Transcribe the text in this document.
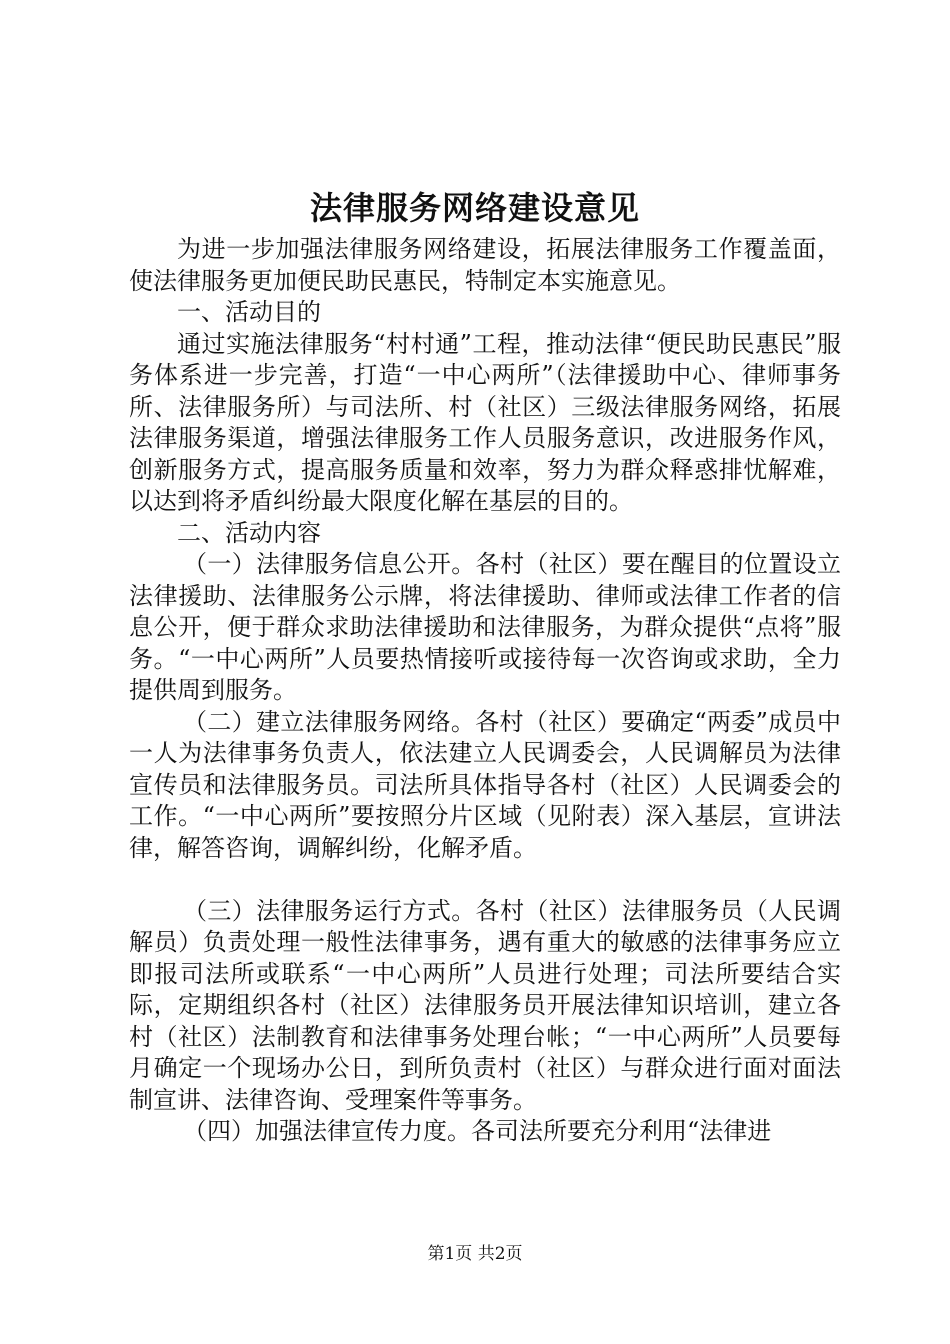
法律服务网络建设意见

为进一步加强法律服务网络建设，拓展法律服务工作覆盖面，使法律服务更加便民助民惠民，特制定本实施意见。

一、活动目的

通过实施法律服务“村村通”工程，推动法律“便民助民惠民”服务体系进一步完善，打造“一中心两所”（法律援助中心、律师事务所、法律服务所）与司法所、村（社区）三级法律服务网络，拓展法律服务渠道，增强法律服务工作人员服务意识，改进服务作风，创新服务方式，提高服务质量和效率，努力为群众释惑排忧解难，以达到将矛盾纠纷最大限度化解在基层的目的。

二、活动内容

（一）法律服务信息公开。各村（社区）要在醒目的位置设立法律援助、法律服务公示牌，将法律援助、律师或法律工作者的信息公开，便于群众求助法律援助和法律服务，为群众提供“点将”服务。“一中心两所”人员要热情接听或接待每一次咨询或求助，全力提供周到服务。

（二）建立法律服务网络。各村（社区）要确定“两委”成员中一人为法律事务负责人，依法建立人民调委会，人民调解员为法律宣传员和法律服务员。司法所具体指导各村（社区）人民调委会的工作。“一中心两所”要按照分片区域（见附表）深入基层，宣讲法律，解答咨询，调解纠纷，化解矛盾。

（三）法律服务运行方式。各村（社区）法律服务员（人民调解员）负责处理一般性法律事务，遇有重大的敏感的法律事务应立即报司法所或联系“一中心两所”人员进行处理；司法所要结合实际，定期组织各村（社区）法律服务员开展法律知识培训，建立各村（社区）法制教育和法律事务处理台帐；“一中心两所”人员要每月确定一个现场办公日，到所负责村（社区）与群众进行面对面法制宣讲、法律咨询、受理案件等事务。

（四）加强法律宣传力度。各司法所要充分利用“法律进

第1页 共2页
